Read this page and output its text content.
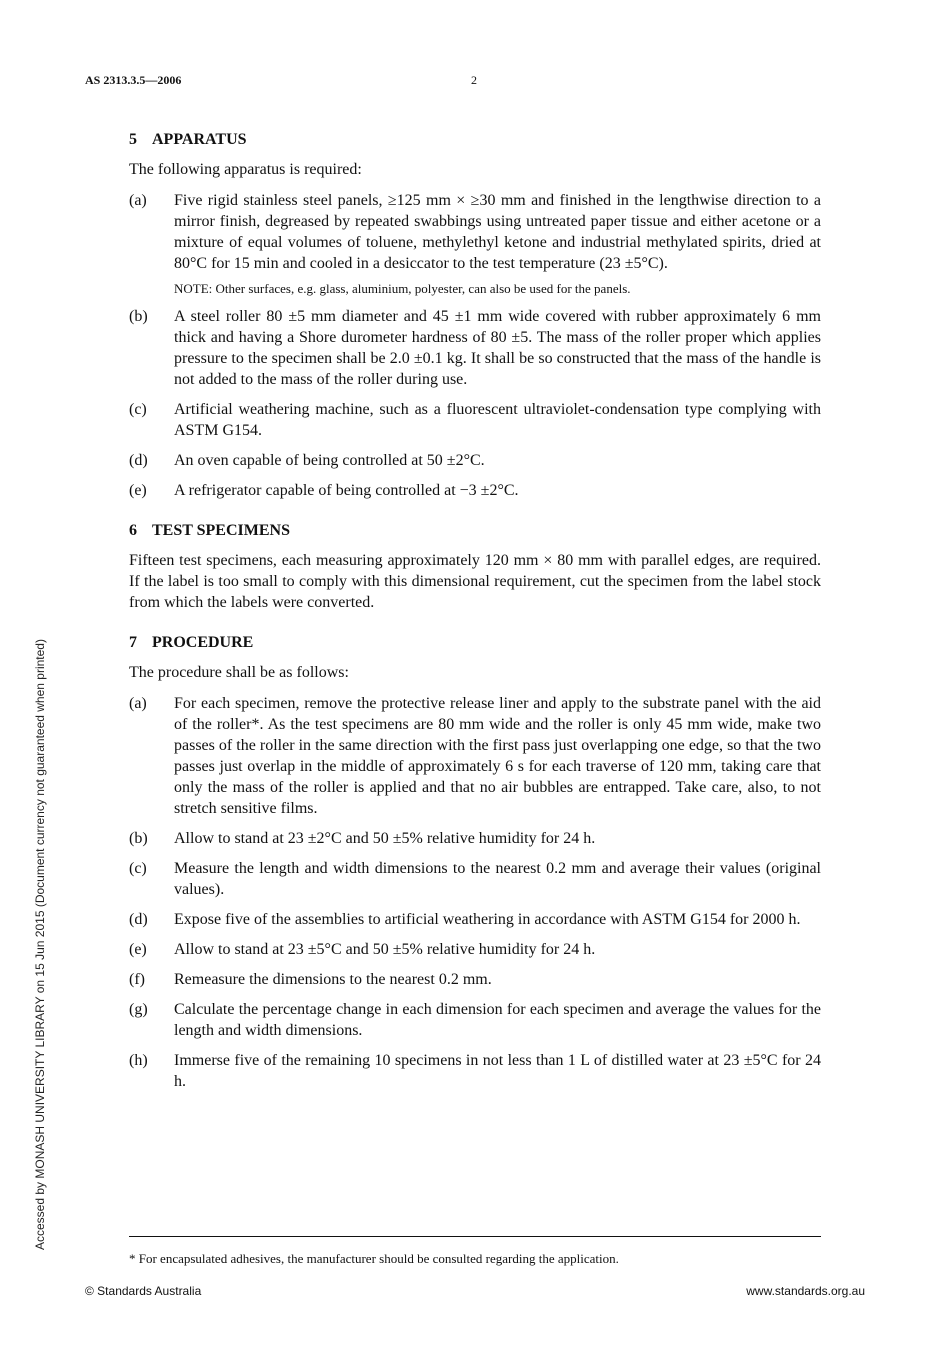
AS 2313.3.5—2006	2
Accessed by MONASH UNIVERSITY LIBRARY on 15 Jun 2015 (Document currency not guaranteed when printed)
5 APPARATUS

The following apparatus is required:

(a)	Five rigid stainless steel panels, ≥125 mm × ≥30 mm and finished in the lengthwise direction to a mirror finish, degreased by repeated swabbings using untreated paper tissue and either acetone or a mixture of equal volumes of toluene, methylethyl ketone and industrial methylated spirits, dried at 80°C for 15 min and cooled in a desiccator to the test temperature (23 ±5°C).
NOTE: Other surfaces, e.g. glass, aluminium, polyester, can also be used for the panels.
(b)	A steel roller 80 ±5 mm diameter and 45 ±1 mm wide covered with rubber approximately 6 mm thick and having a Shore durometer hardness of 80 ±5. The mass of the roller proper which applies pressure to the specimen shall be 2.0 ±0.1 kg. It shall be so constructed that the mass of the handle is not added to the mass of the roller during use.
(c)	Artificial weathering machine, such as a fluorescent ultraviolet-condensation type complying with ASTM G154.
(d)	An oven capable of being controlled at 50 ±2°C.
(e)	A refrigerator capable of being controlled at −3 ±2°C.
6 TEST SPECIMENS

Fifteen test specimens, each measuring approximately 120 mm × 80 mm with parallel edges, are required. If the label is too small to comply with this dimensional requirement, cut the specimen from the label stock from which the labels were converted.

7 PROCEDURE

The procedure shall be as follows:

(a)	For each specimen, remove the protective release liner and apply to the substrate panel with the aid of the roller*. As the test specimens are 80 mm wide and the roller is only 45 mm wide, make two passes of the roller in the same direction with the first pass just overlapping one edge, so that the two passes just overlap in the middle of approximately 6 s for each traverse of 120 mm, taking care that only the mass of the roller is applied and that no air bubbles are entrapped. Take care, also, to not stretch sensitive films.
(b)	Allow to stand at 23 ±2°C and 50 ±5% relative humidity for 24 h.
(c)	Measure the length and width dimensions to the nearest 0.2 mm and average their values (original values).
(d)	Expose five of the assemblies to artificial weathering in accordance with ASTM G154 for 2000 h.
(e)	Allow to stand at 23 ±5°C and 50 ±5% relative humidity for 24 h.
(f)	Remeasure the dimensions to the nearest 0.2 mm.
(g)	Calculate the percentage change in each dimension for each specimen and average the values for the length and width dimensions.
(h)	Immerse five of the remaining 10 specimens in not less than 1 L of distilled water at 23 ±5°C for 24 h.
* For encapsulated adhesives, the manufacturer should be consulted regarding the application.
© Standards Australia	www.standards.org.au
